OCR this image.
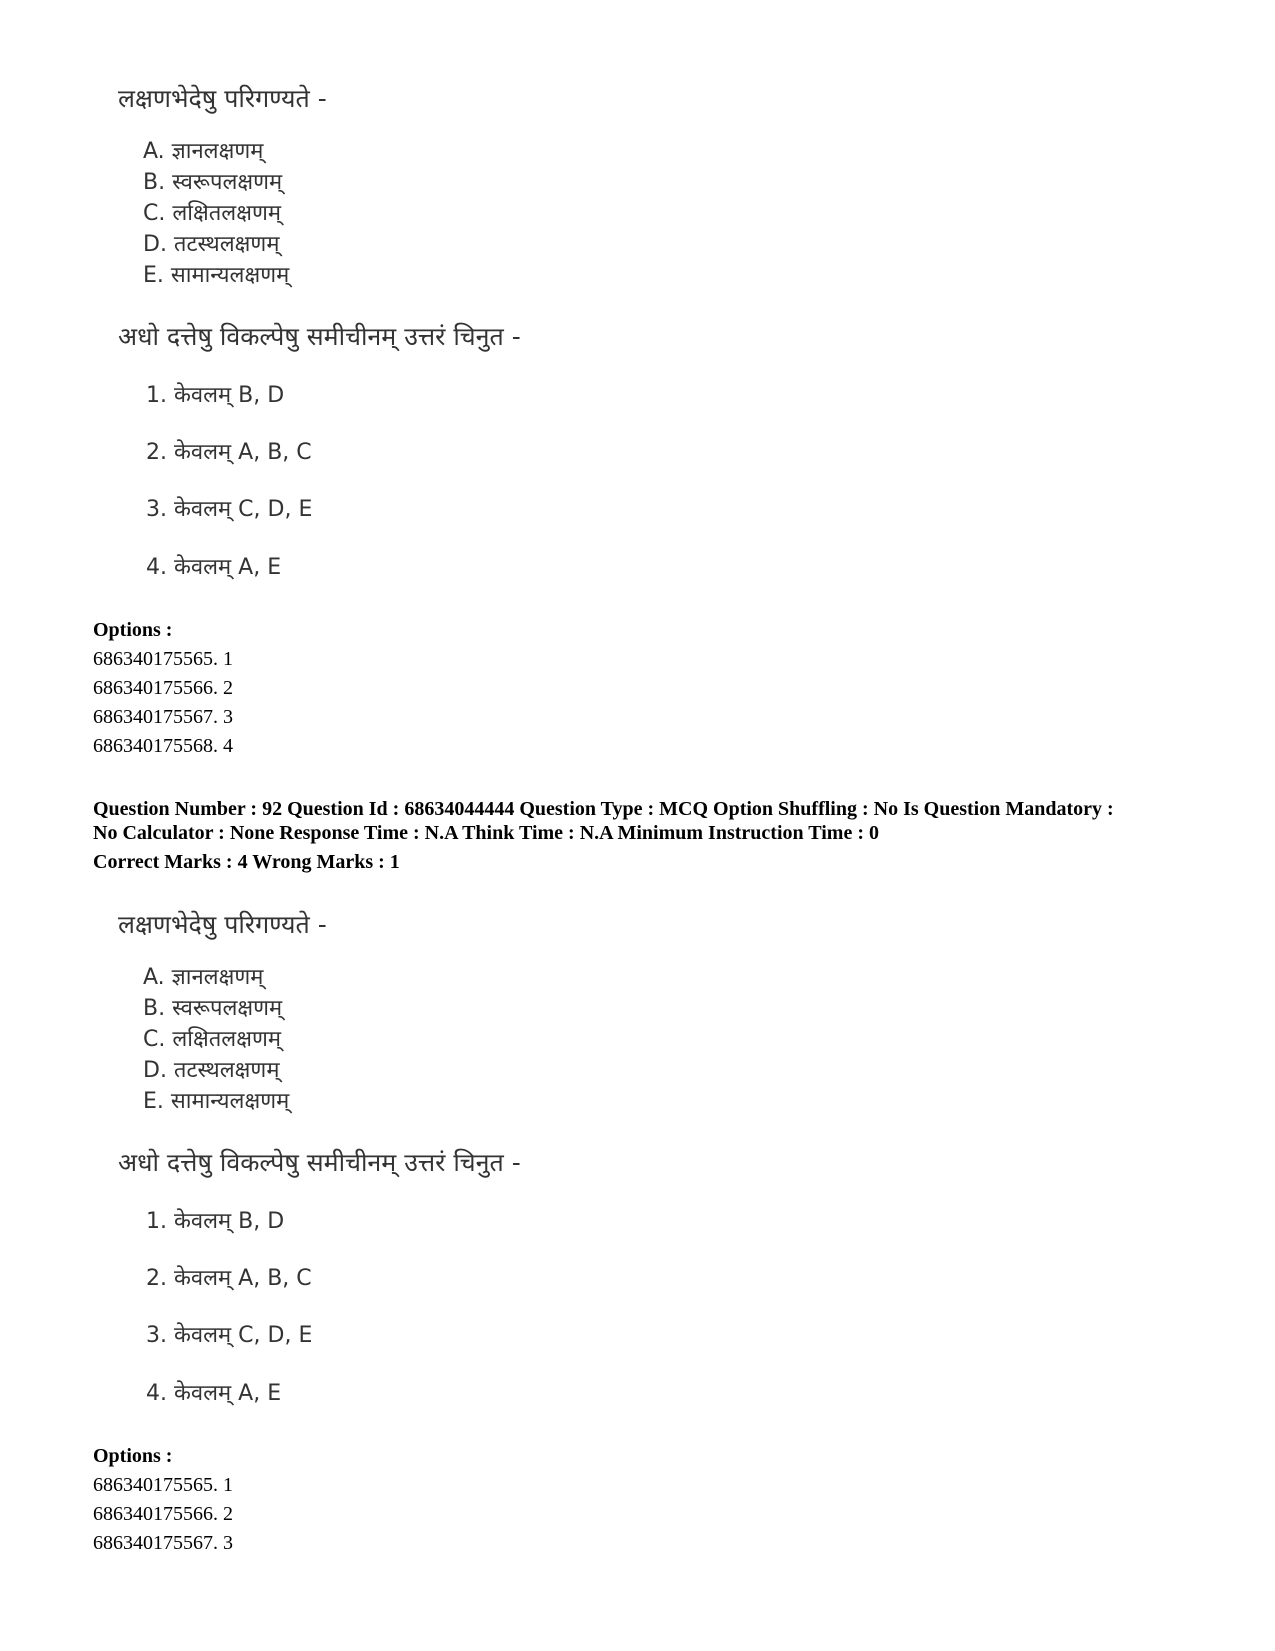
लक्षणभेदेषु परिगण्यते -
A. ज्ञानलक्षणम्
B. स्वरूपलक्षणम्
C. लक्षितलक्षणम्
D. तटस्थलक्षणम्
E. सामान्यलक्षणम्
अधो दत्तेषु विकल्पेषु समीचीनम् उत्तरं चिनुत -
1. केवलम् B, D
2. केवलम् A, B, C
3. केवलम् C, D, E
4. केवलम् A, E
Options :
686340175565. 1
686340175566. 2
686340175567. 3
686340175568. 4
Question Number : 92 Question Id : 68634044444 Question Type : MCQ Option Shuffling : No Is Question Mandatory :
No Calculator : None Response Time : N.A Think Time : N.A Minimum Instruction Time : 0
Correct Marks : 4 Wrong Marks : 1
लक्षणभेदेषु परिगण्यते -
A. ज्ञानलक्षणम्
B. स्वरूपलक्षणम्
C. लक्षितलक्षणम्
D. तटस्थलक्षणम्
E. सामान्यलक्षणम्
अधो दत्तेषु विकल्पेषु समीचीनम् उत्तरं चिनुत -
1. केवलम् B, D
2. केवलम् A, B, C
3. केवलम् C, D, E
4. केवलम् A, E
Options :
686340175565. 1
686340175566. 2
686340175567. 3
